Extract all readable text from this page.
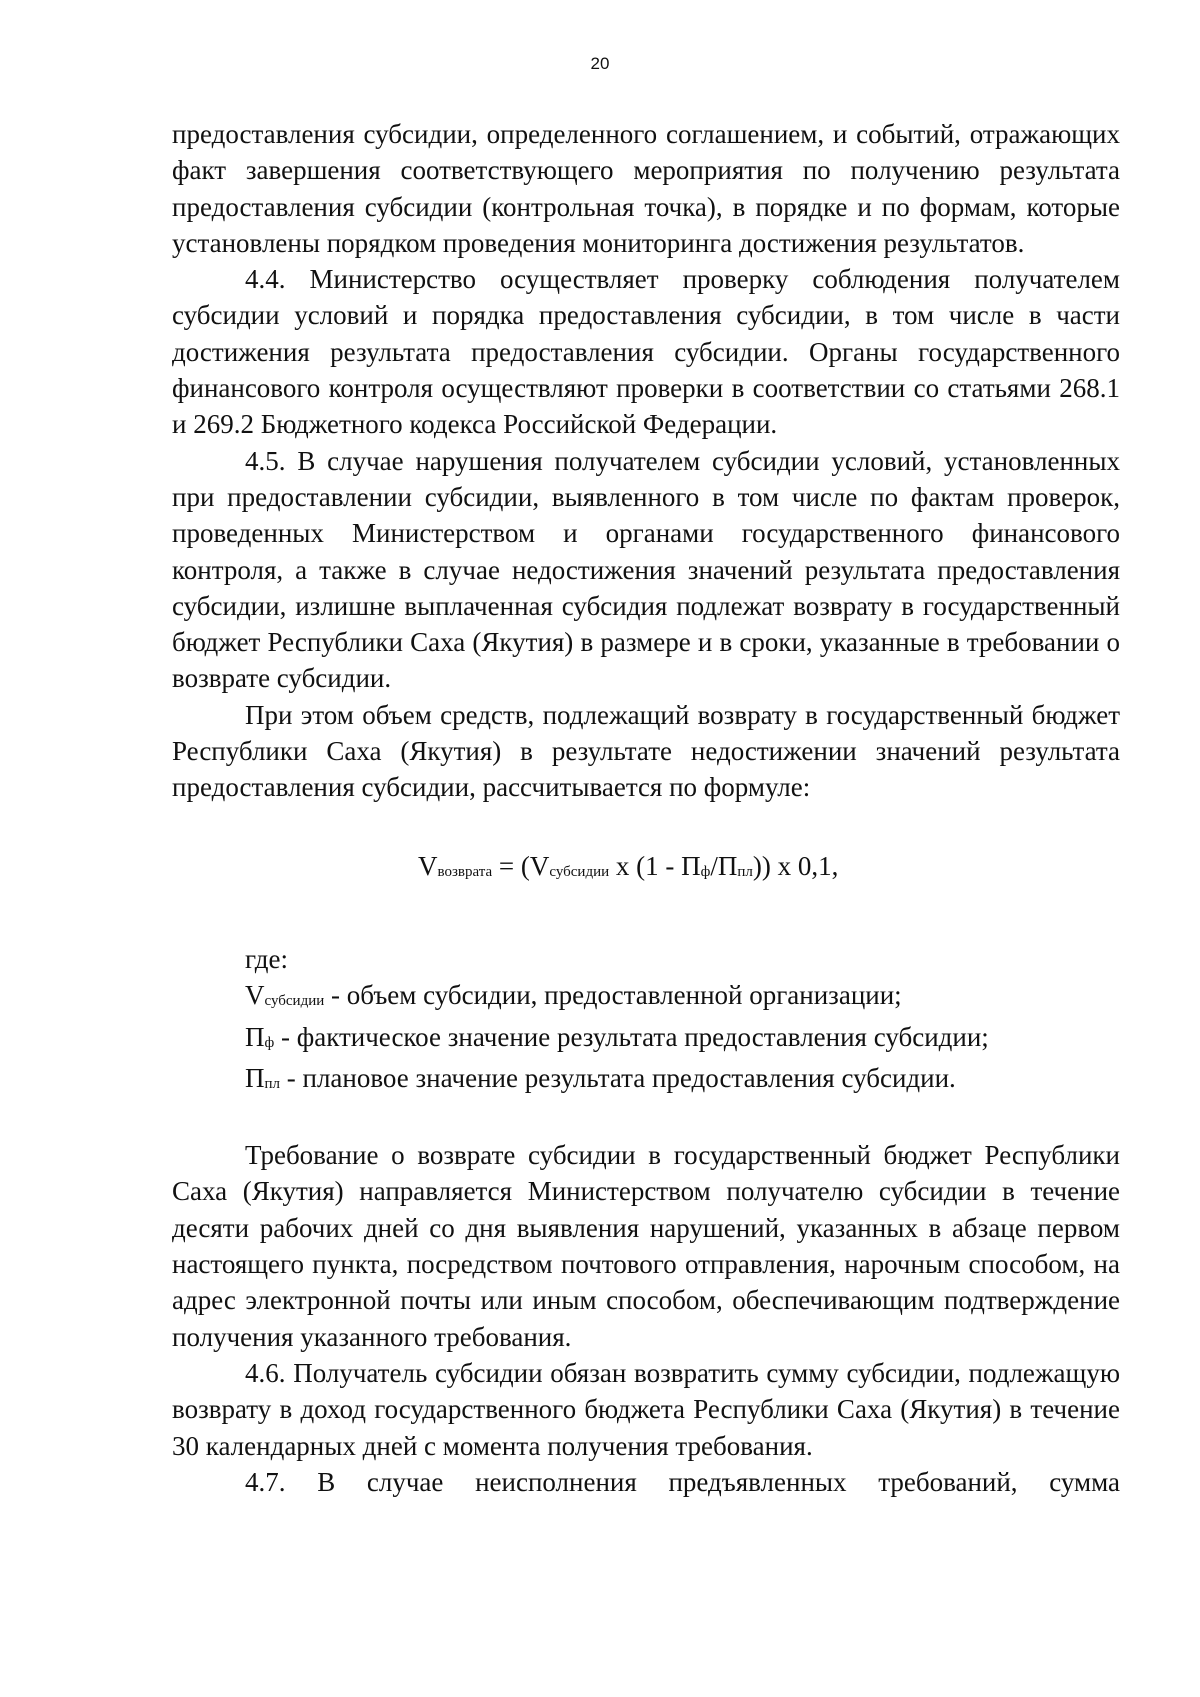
20

предоставления субсидии, определенного соглашением, и событий, отражающих факт завершения соответствующего мероприятия по получению результата предоставления субсидии (контрольная точка), в порядке и по формам, которые установлены порядком проведения мониторинга достижения результатов.

4.4. Министерство осуществляет проверку соблюдения получателем субсидии условий и порядка предоставления субсидии, в том числе в части достижения результата предоставления субсидии. Органы государственного финансового контроля осуществляют проверки в соответствии со статьями 268.1 и 269.2 Бюджетного кодекса Российской Федерации.

4.5. В случае нарушения получателем субсидии условий, установленных при предоставлении субсидии, выявленного в том числе по фактам проверок, проведенных Министерством и органами государственного финансового контроля, а также в случае недостижения значений результата предоставления субсидии, излишне выплаченная субсидия подлежат возврату в государственный бюджет Республики Саха (Якутия) в размере и в сроки, указанные в требовании о возврате субсидии.

При этом объем средств, подлежащий возврату в государственный бюджет Республики Саха (Якутия) в результате недостижении значений результата предоставления субсидии, рассчитывается по формуле:

$V_{возврата} = (V_{субсидии}$ х $(1 - П_ф/П_{пл})$) х 0,1,

где:

$V_{субсидии}$ - объем субсидии, предоставленной организации;

$П_ф$ - фактическое значение результата предоставления субсидии;

$П_{пл}$ - плановое значение результата предоставления субсидии.

Требование о возврате субсидии в государственный бюджет Республики Саха (Якутия) направляется Министерством получателю субсидии в течение десяти рабочих дней со дня выявления нарушений, указанных в абзаце первом настоящего пункта, посредством почтового отправления, нарочным способом, на адрес электронной почты или иным способом, обеспечивающим подтверждение получения указанного требования.

4.6. Получатель субсидии обязан возвратить сумму субсидии, подлежащую возврату в доход государственного бюджета Республики Саха (Якутия) в течение 30 календарных дней с момента получения требования.

4.7. В случае неисполнения предъявленных требований, сумма
